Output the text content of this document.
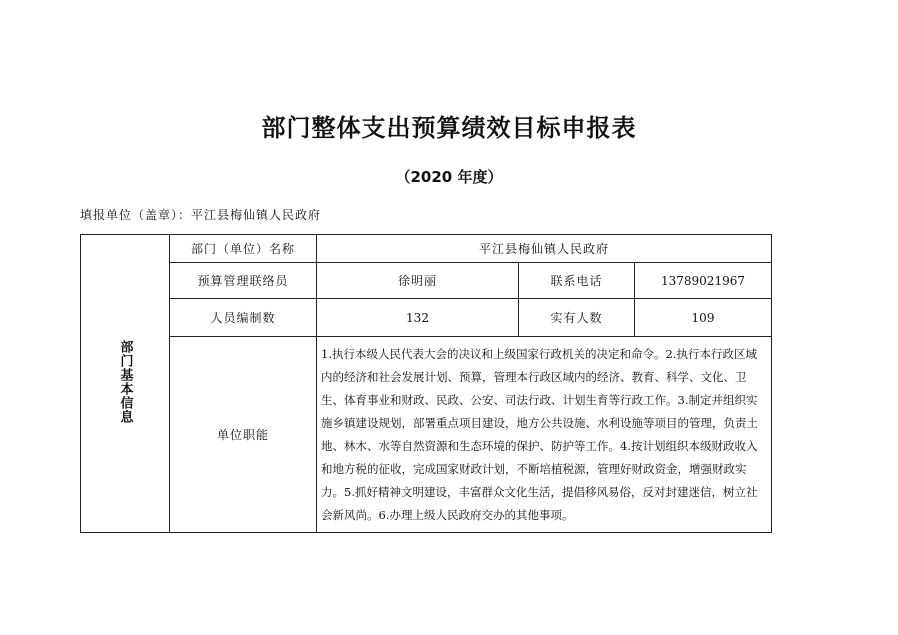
部门整体支出预算绩效目标申报表
（2020 年度）
填报单位（盖章）：平江县梅仙镇人民政府
部门基本信息	部门（单位）名称	平江县梅仙镇人民政府		
	预算管理联络员	徐明丽	联系电话	13789021967
	人员编制数	132	实有人数	109
	单位职能	1.执行本级人民代表大会的决议和上级国家行政机关的决定和命令。2.执行本行政区域内的经济和社会发展计划、预算，管理本行政区域内的经济、教育、科学、文化、卫生、体育事业和财政、民政、公安、司法行政、计划生育等行政工作。3.制定并组织实施乡镇建设规划，部署重点项目建设，地方公共设施、水利设施等项目的管理，负责土地、林木、水等自然资源和生态环境的保护、防护等工作。4.按计划组织本级财政收入和地方税的征收，完成国家财政计划，不断培植税源，管理好财政资金，增强财政实力。5.抓好精神文明建设，丰富群众文化生活，提倡移风易俗，反对封建迷信，树立社会新风尚。6.办理上级人民政府交办的其他事项。		
